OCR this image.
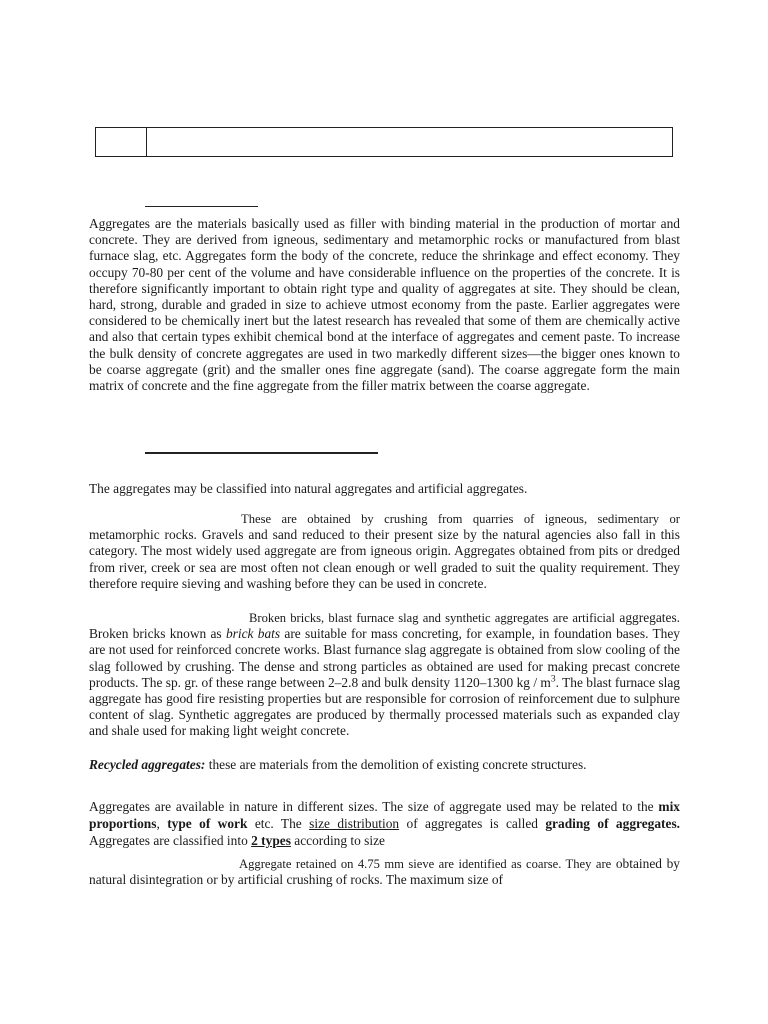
Aggregates are the materials basically used as filler with binding material in the production of mortar and concrete. They are derived from igneous, sedimentary and metamorphic rocks or manufactured from blast furnace slag, etc. Aggregates form the body of the concrete, reduce the shrinkage and effect economy. They occupy 70-80 per cent of the volume and have considerable influence on the properties of the concrete. It is therefore significantly important to obtain right type and quality of aggregates at site. They should be clean, hard, strong, durable and graded in size to achieve utmost economy from the paste. Earlier aggregates were considered to be chemically inert but the latest research has revealed that some of them are chemically active and also that certain types exhibit chemical bond at the interface of aggregates and cement paste. To increase the bulk density of concrete aggregates are used in two markedly different sizes—the bigger ones known to be coarse aggregate (grit) and the smaller ones fine aggregate (sand). The coarse aggregate form the main matrix of concrete and the fine aggregate from the filler matrix between the coarse aggregate.

The aggregates may be classified into natural aggregates and artificial aggregates.

These are obtained by crushing from quarries of igneous, sedimentary or metamorphic rocks. Gravels and sand reduced to their present size by the natural agencies also fall in this category. The most widely used aggregate are from igneous origin. Aggregates obtained from pits or dredged from river, creek or sea are most often not clean enough or well graded to suit the quality requirement. They therefore require sieving and washing before they can be used in concrete.

Broken bricks, blast furnace slag and synthetic aggregates are artificial aggregates. Broken bricks known as brick bats are suitable for mass concreting, for example, in foundation bases. They are not used for reinforced concrete works. Blast furnance slag aggregate is obtained from slow cooling of the slag followed by crushing. The dense and strong particles as obtained are used for making precast concrete products. The sp. gr. of these range between 2–2.8 and bulk density 1120–1300 kg / $m^3$. The blast furnace slag aggregate has good fire resisting properties but are responsible for corrosion of reinforcement due to sulphure content of slag. Synthetic aggregates are produced by thermally processed materials such as expanded clay and shale used for making light weight concrete.

Recycled aggregates: these are materials from the demolition of existing concrete structures.

Aggregates are available in nature in different sizes. The size of aggregate used may be related to the mix proportions, type of work etc. The size distribution of aggregates is called grading of aggregates. Aggregates are classified into 2 types according to size

Aggregate retained on 4.75 mm sieve are identified as coarse. They are obtained by natural disintegration or by artificial crushing of rocks. The maximum size of
